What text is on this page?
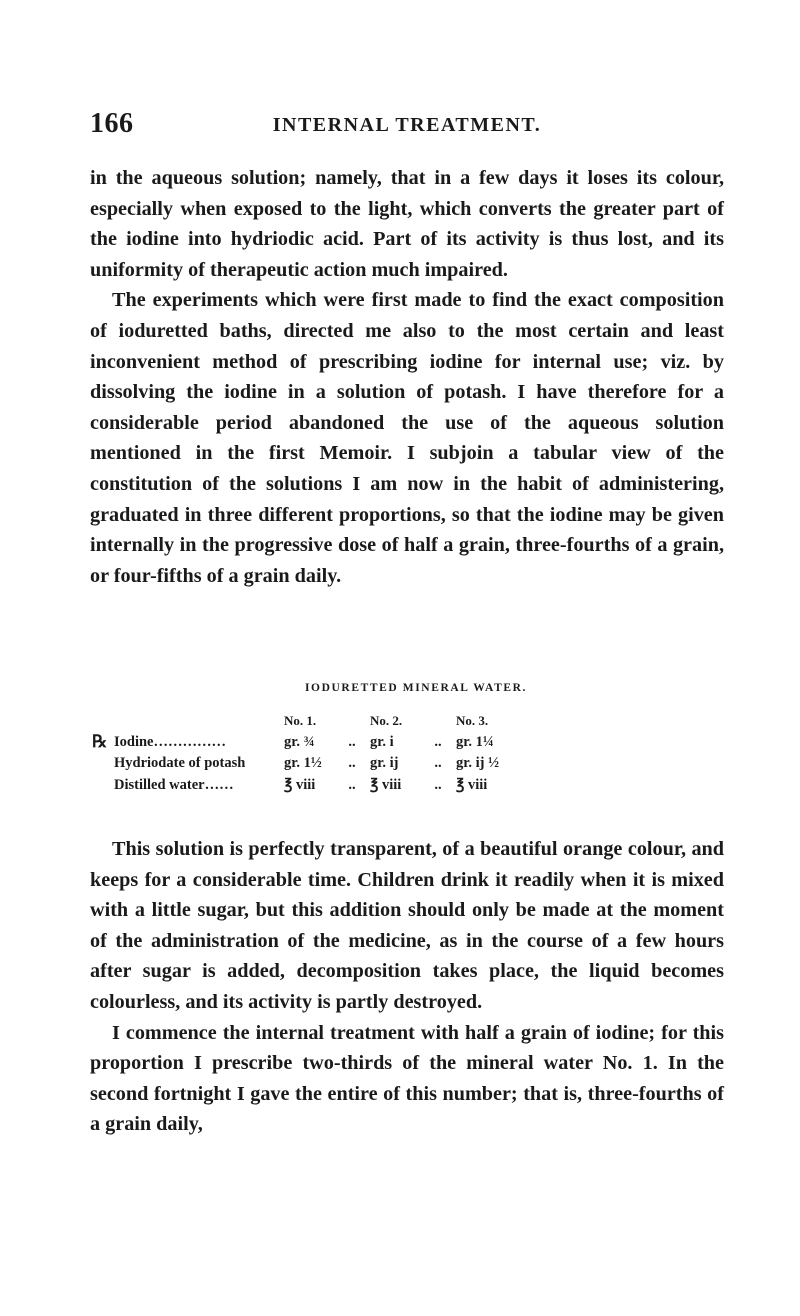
166	INTERNAL TREATMENT.

in the aqueous solution; namely, that in a few days it loses its colour, especially when exposed to the light, which converts the greater part of the iodine into hydriodic acid. Part of its activity is thus lost, and its uniformity of therapeutic action much impaired.

The experiments which were first made to find the exact composition of ioduretted baths, directed me also to the most certain and least inconvenient method of prescribing iodine for internal use; viz. by dissolving the iodine in a solution of potash. I have therefore for a considerable period abandoned the use of the aqueous solution mentioned in the first Memoir. I subjoin a tabular view of the constitution of the solutions I am now in the habit of administering, graduated in three different proportions, so that the iodine may be given internally in the progressive dose of half a grain, three-fourths of a grain, or four-fifths of a grain daily.

IODURETTED MINERAL WATER.
		No. 1.		No. 2.		No. 3.
℞	Iodine……………	gr. ¾	..	gr. i	..	gr. 1¼
	Hydriodate of potash	gr. 1½	..	gr. ij	..	gr. ij ½
	Distilled water……	℥ viii	..	℥ viii	..	℥ viii

This solution is perfectly transparent, of a beautiful orange colour, and keeps for a considerable time. Children drink it readily when it is mixed with a little sugar, but this addition should only be made at the moment of the administration of the medicine, as in the course of a few hours after sugar is added, decomposition takes place, the liquid becomes colourless, and its activity is partly destroyed.

I commence the internal treatment with half a grain of iodine; for this proportion I prescribe two-thirds of the mineral water No. 1. In the second fortnight I gave the entire of this number; that is, three-fourths of a grain daily,
